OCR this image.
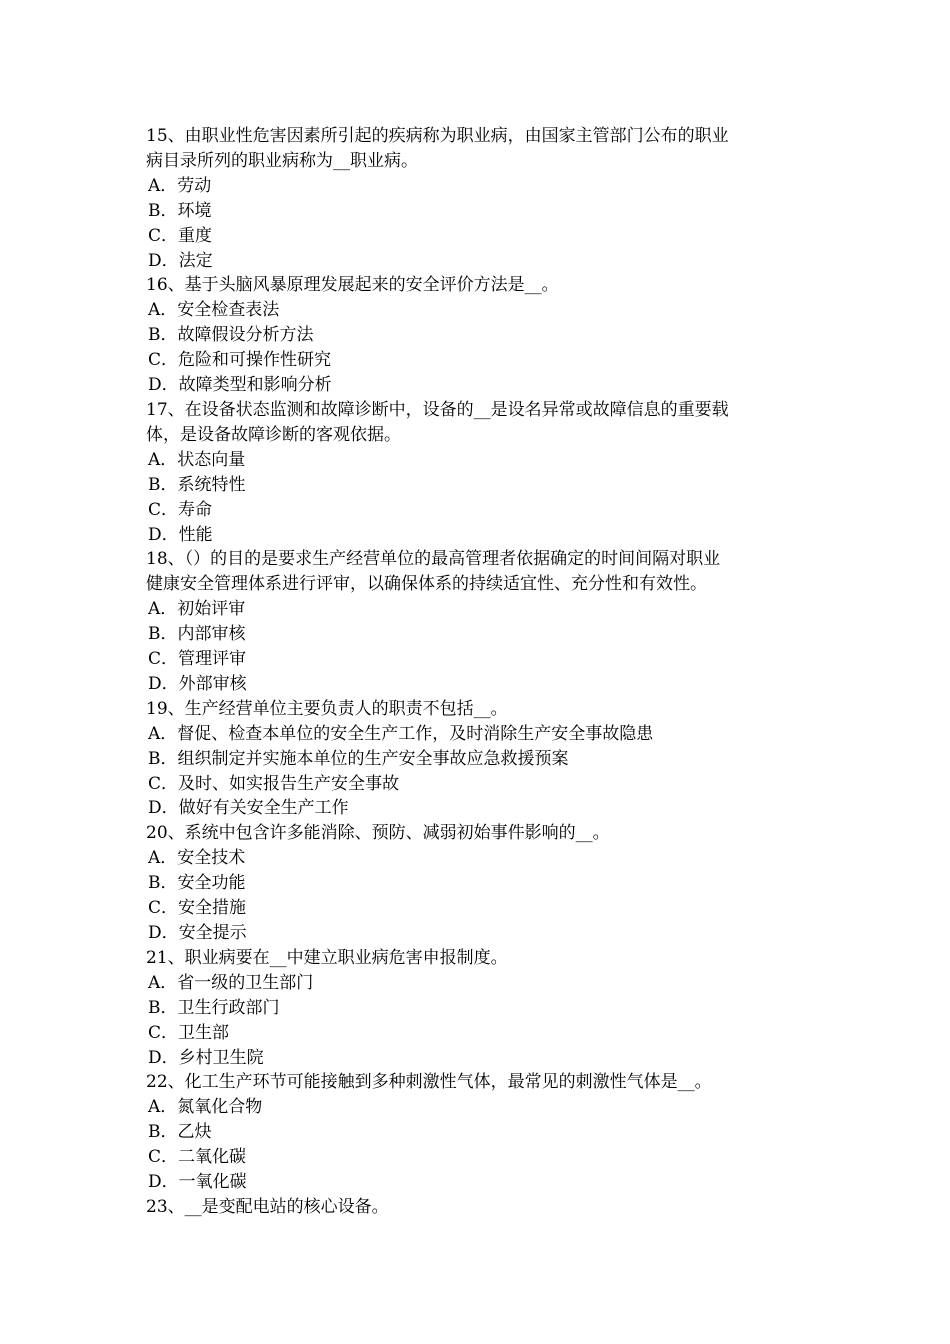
15、由职业性危害因素所引起的疾病称为职业病，由国家主管部门公布的职业
病目录所列的职业病称为__职业病。
A．劳动
B．环境
C．重度
D．法定
16、基于头脑风暴原理发展起来的安全评价方法是__。
A．安全检查表法
B．故障假设分析方法
C．危险和可操作性研究
D．故障类型和影响分析
17、在设备状态监测和故障诊断中，设备的__是设名异常或故障信息的重要载
体，是设备故障诊断的客观依据。
A．状态向量
B．系统特性
C．寿命
D．性能
18、（）的目的是要求生产经营单位的最高管理者依据确定的时间间隔对职业
健康安全管理体系进行评审，以确保体系的持续适宜性、充分性和有效性。
A．初始评审
B．内部审核
C．管理评审
D．外部审核
19、生产经营单位主要负责人的职责不包括__。
A．督促、检查本单位的安全生产工作，及时消除生产安全事故隐患
B．组织制定并实施本单位的生产安全事故应急救援预案
C．及时、如实报告生产安全事故
D．做好有关安全生产工作
20、系统中包含许多能消除、预防、减弱初始事件影响的__。
A．安全技术
B．安全功能
C．安全措施
D．安全提示
21、职业病要在__中建立职业病危害申报制度。
A．省一级的卫生部门
B．卫生行政部门
C．卫生部
D．乡村卫生院
22、化工生产环节可能接触到多种刺激性气体，最常见的刺激性气体是__。
A．氮氧化合物
B．乙炔
C．二氧化碳
D．一氧化碳
23、__是变配电站的核心设备。
